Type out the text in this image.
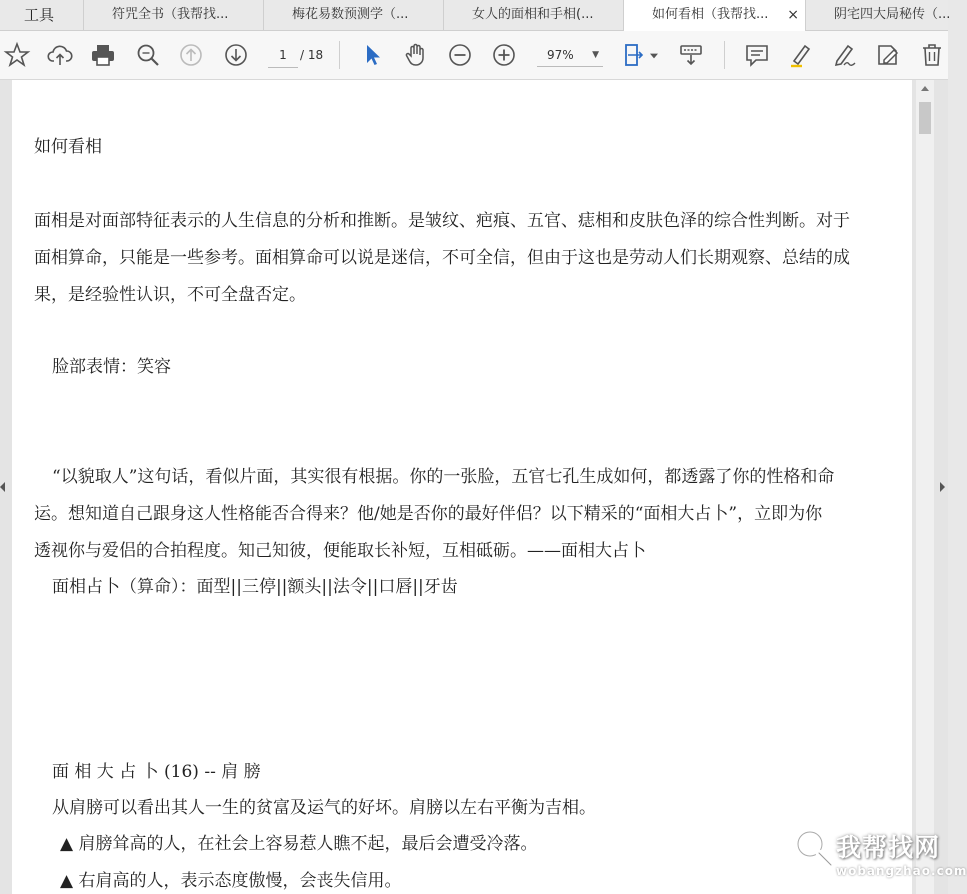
工具	符咒全书（我帮找...	梅花易数预测学（...	女人的面相和手相(...	如何看相（我帮找... ×	阴宅四大局秘传（...
1	/ 18	97% ▼
如何看相
面相是对面部特征表示的人生信息的分析和推断。是皱纹、疤痕、五官、痣相和皮肤色泽的综合性判断。对于
面相算命，只能是一些参考。面相算命可以说是迷信，不可全信，但由于这也是劳动人们长期观察、总结的成
果，是经验性认识，不可全盘否定。
脸部表情：笑容
“以貌取人”这句话，看似片面，其实很有根据。你的一张脸，五官七孔生成如何，都透露了你的性格和命
运。想知道自己跟身这人性格能否合得来？他/她是否你的最好伴侣？以下精采的“面相大占卜”，立即为你
透视你与爱侣的合拍程度。知己知彼，便能取长补短，互相砥砺。——面相大占卜
面相占卜（算命）：面型||三停||额头||法令||口唇||牙齿
面 相 大 占 卜 (16) -- 肩 膀
从肩膀可以看出其人一生的贫富及运气的好坏。肩膀以左右平衡为吉相。
▲ 肩膀耸高的人，在社会上容易惹人瞧不起，最后会遭受冷落。
▲ 右肩高的人，表示态度傲慢，会丧失信用。
我帮找网
wobangzhao.com
